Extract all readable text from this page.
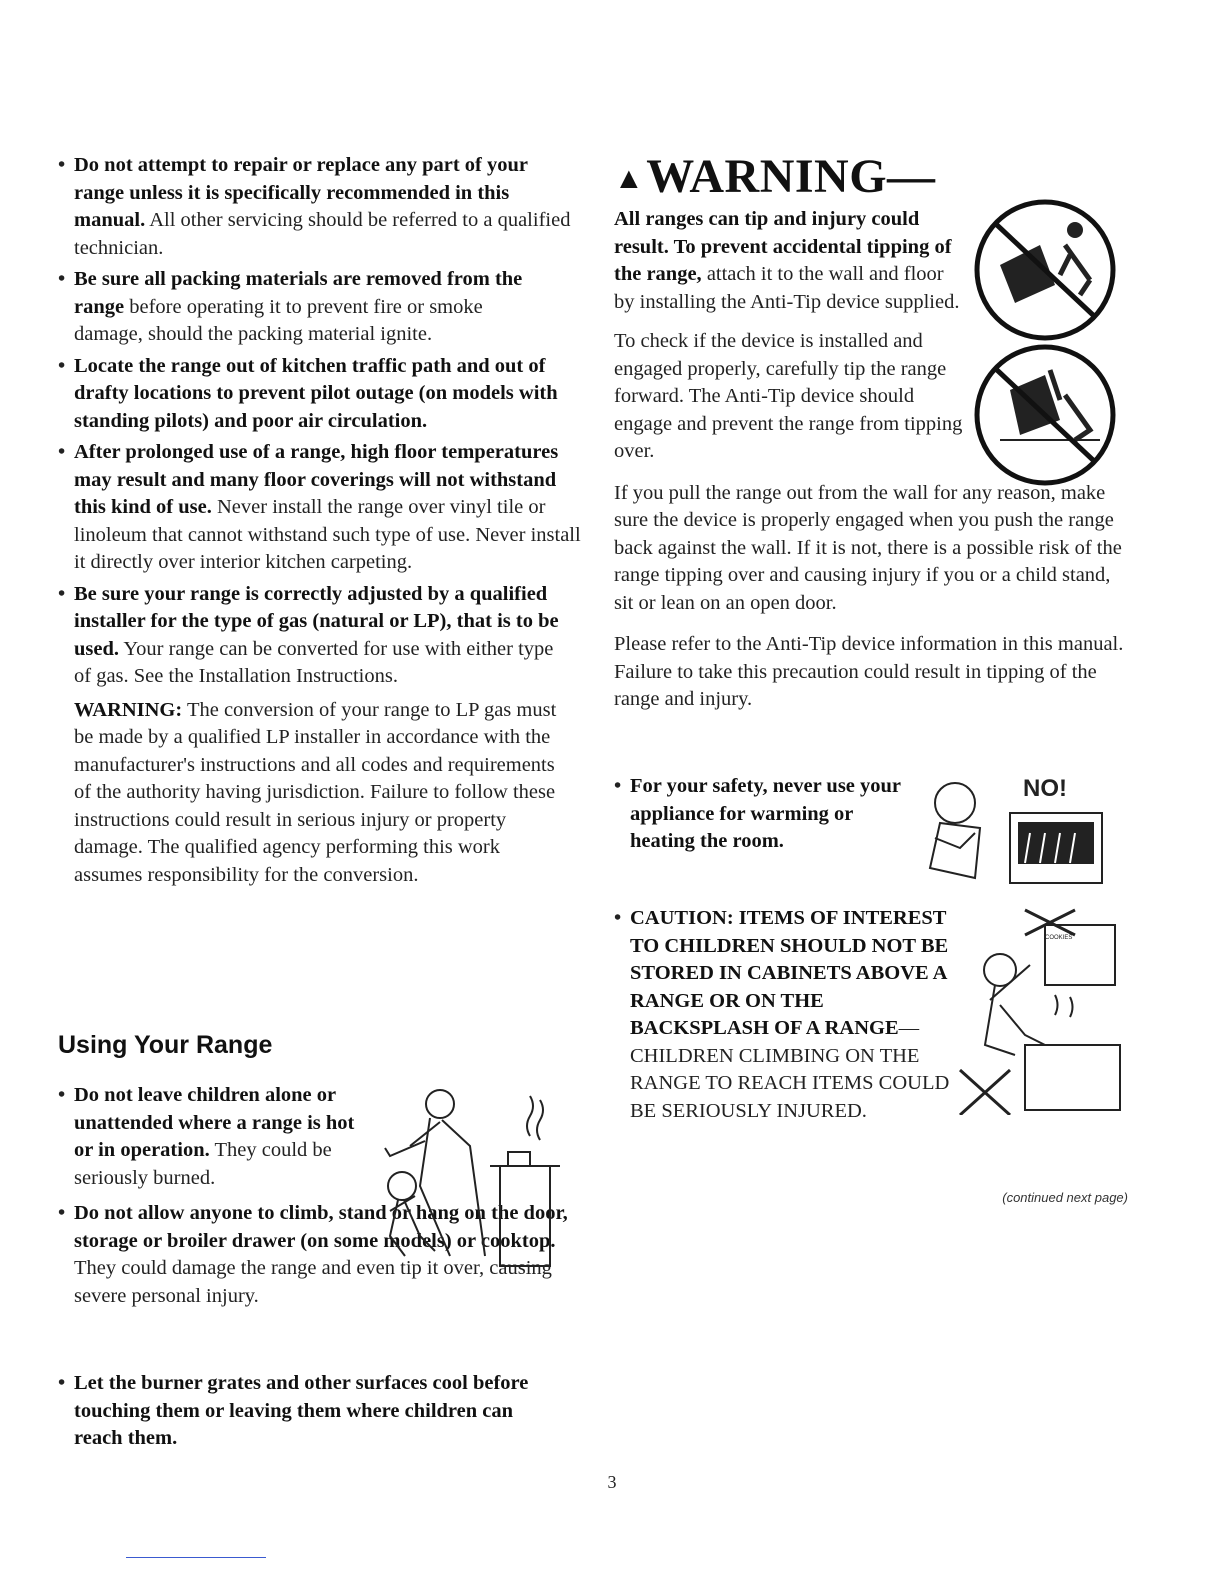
• Do not attempt to repair or replace any part of your range unless it is specifically recommended in this manual. All other servicing should be referred to a qualified technician.
• Be sure all packing materials are removed from the range before operating it to prevent fire or smoke damage, should the packing material ignite.
• Locate the range out of kitchen traffic path and out of drafty locations to prevent pilot outage (on models with standing pilots) and poor air circulation.
• After prolonged use of a range, high floor temperatures may result and many floor coverings will not withstand this kind of use. Never install the range over vinyl tile or linoleum that cannot withstand such type of use. Never install it directly over interior kitchen carpeting.
• Be sure your range is correctly adjusted by a qualified installer for the type of gas (natural or LP), that is to be used. Your range can be converted for use with either type of gas. See the Installation Instructions.

WARNING: The conversion of your range to LP gas must be made by a qualified LP installer in accordance with the manufacturer's instructions and all codes and requirements of the authority having jurisdiction. Failure to follow these instructions could result in serious injury or property damage. The qualified agency performing this work assumes responsibility for the conversion.

Using Your Range
• Do not leave children alone or unattended where a range is hot or in operation. They could be seriously burned.
• Do not allow anyone to climb, stand or hang on the door, storage or broiler drawer (on some models) or cooktop. They could damage the range and even tip it over, causing severe personal injury.
• Let the burner grates and other surfaces cool before touching them or leaving them where children can reach them.
▲WARNING—

All ranges can tip and injury could result. To prevent accidental tipping of the range, attach it to the wall and floor by installing the Anti-Tip device supplied.

To check if the device is installed and engaged properly, carefully tip the range forward. The Anti-Tip device should engage and prevent the range from tipping over.

If you pull the range out from the wall for any reason, make sure the device is properly engaged when you push the range back against the wall. If it is not, there is a possible risk of the range tipping over and causing injury if you or a child stand, sit or lean on an open door.

Please refer to the Anti-Tip device information in this manual. Failure to take this precaution could result in tipping of the range and injury.

• For your safety, never use your appliance for warming or heating the room.
NO!
• CAUTION: ITEMS OF INTEREST TO CHILDREN SHOULD NOT BE STORED IN CABINETS ABOVE A RANGE OR ON THE BACKSPLASH OF A RANGE—CHILDREN CLIMBING ON THE RANGE TO REACH ITEMS COULD BE SERIOUSLY INJURED.
COOKIES
(continued next page)
3
